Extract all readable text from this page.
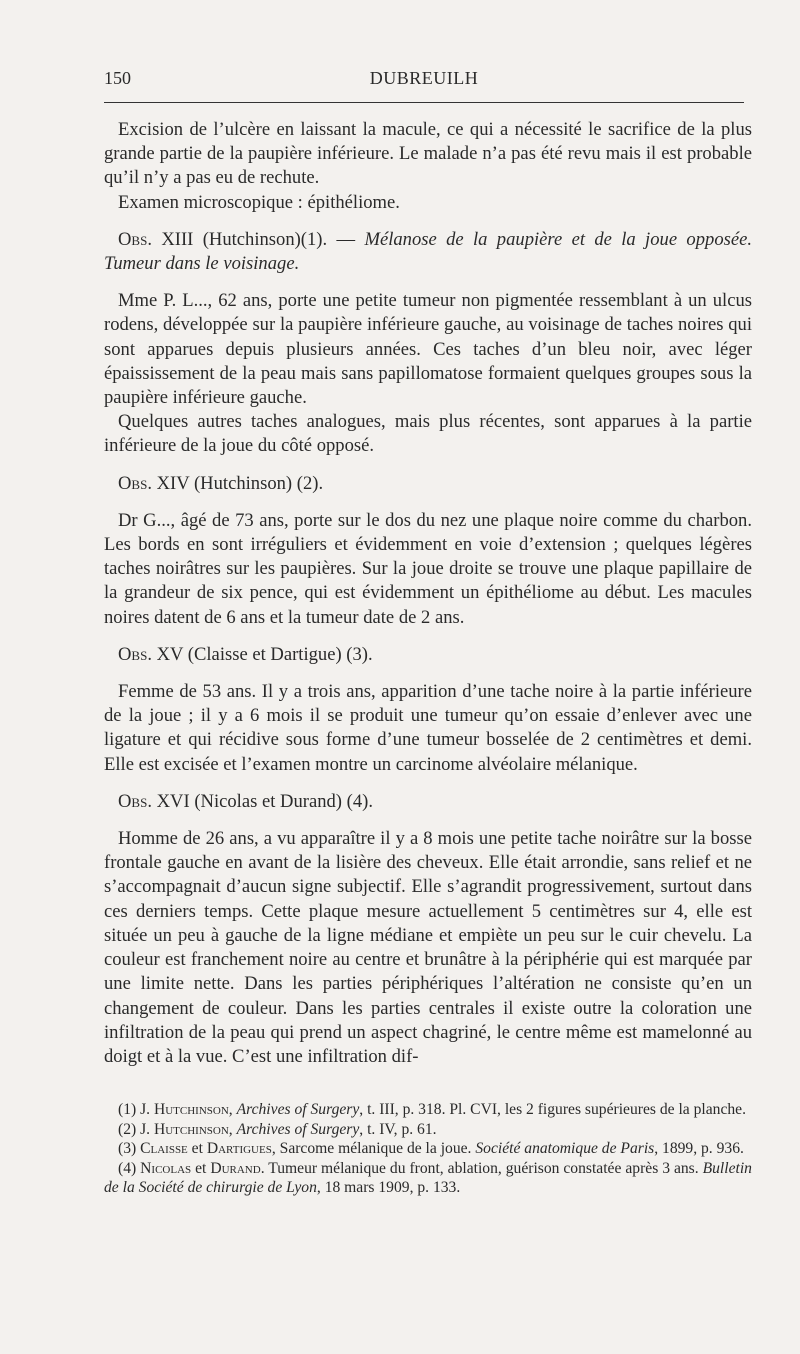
150	DUBREUILH

Excision de l’ulcère en laissant la macule, ce qui a nécessité le sacrifice de la plus grande partie de la paupière inférieure. Le malade n’a pas été revu mais il est probable qu’il n’y a pas eu de rechute.

Examen microscopique : épithéliome.

Obs. XIII (Hutchinson)(1). — Mélanose de la paupière et de la joue opposée. Tumeur dans le voisinage.

Mme P. L..., 62 ans, porte une petite tumeur non pigmentée ressemblant à un ulcus rodens, développée sur la paupière inférieure gauche, au voisinage de taches noires qui sont apparues depuis plusieurs années. Ces taches d’un bleu noir, avec léger épaississement de la peau mais sans papillomatose formaient quelques groupes sous la paupière inférieure gauche.

Quelques autres taches analogues, mais plus récentes, sont apparues à la partie inférieure de la joue du côté opposé.

Obs. XIV (Hutchinson) (2).

Dr G..., âgé de 73 ans, porte sur le dos du nez une plaque noire comme du charbon. Les bords en sont irréguliers et évidemment en voie d’extension ; quelques légères taches noirâtres sur les paupières. Sur la joue droite se trouve une plaque papillaire de la grandeur de six pence, qui est évidemment un épithéliome au début. Les macules noires datent de 6 ans et la tumeur date de 2 ans.

Obs. XV (Claisse et Dartigue) (3).

Femme de 53 ans. Il y a trois ans, apparition d’une tache noire à la partie inférieure de la joue ; il y a 6 mois il se produit une tumeur qu’on essaie d’enlever avec une ligature et qui récidive sous forme d’une tumeur bosselée de 2 centimètres et demi. Elle est excisée et l’examen montre un carcinome alvéolaire mélanique.

Obs. XVI (Nicolas et Durand) (4).

Homme de 26 ans, a vu apparaître il y a 8 mois une petite tache noirâtre sur la bosse frontale gauche en avant de la lisière des cheveux. Elle était arrondie, sans relief et ne s’accompagnait d’aucun signe subjectif. Elle s’agrandit progressivement, surtout dans ces derniers temps. Cette plaque mesure actuellement 5 centimètres sur 4, elle est située un peu à gauche de la ligne médiane et empiète un peu sur le cuir chevelu. La couleur est franchement noire au centre et brunâtre à la périphérie qui est marquée par une limite nette. Dans les parties périphériques l’altération ne consiste qu’en un changement de couleur. Dans les parties centrales il existe outre la coloration une infiltration de la peau qui prend un aspect chagriné, le centre même est mamelonné au doigt et à la vue. C’est une infiltration dif-

(1) J. Hutchinson, Archives of Surgery, t. III, p. 318. Pl. CVI, les 2 figures supérieures de la planche.

(2) J. Hutchinson, Archives of Surgery, t. IV, p. 61.

(3) Claisse et Dartigues, Sarcome mélanique de la joue. Société anatomique de Paris, 1899, p. 936.

(4) Nicolas et Durand. Tumeur mélanique du front, ablation, guérison constatée après 3 ans. Bulletin de la Société de chirurgie de Lyon, 18 mars 1909, p. 133.
